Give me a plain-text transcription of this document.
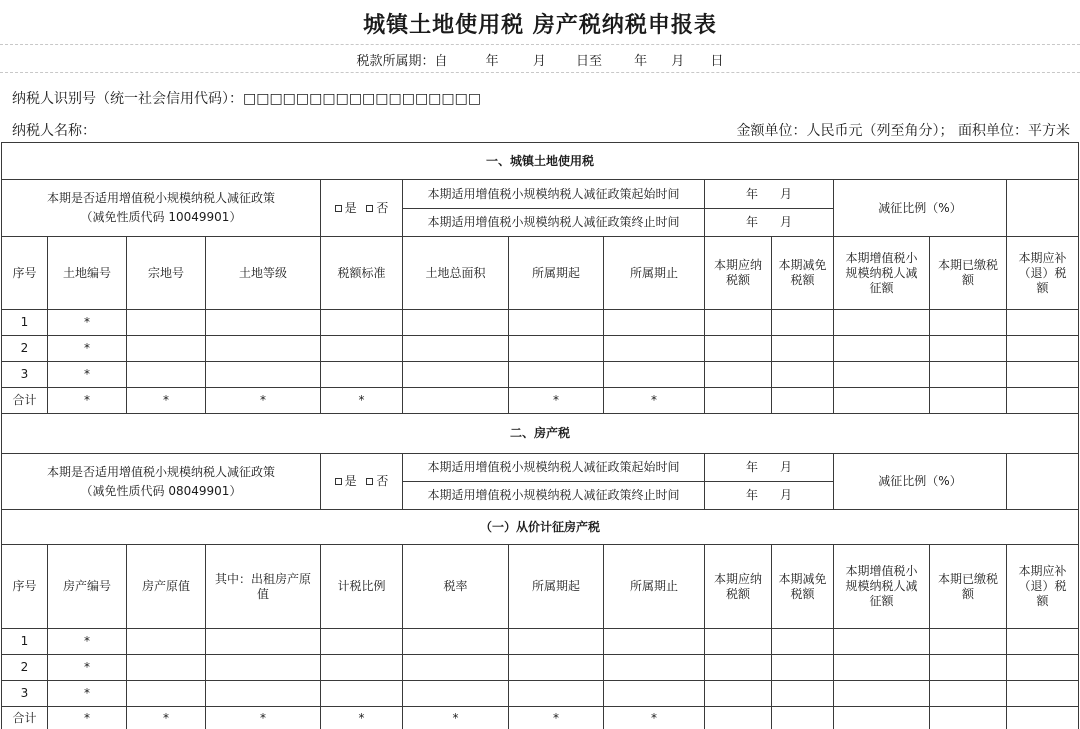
城镇土地使用税 房产税纳税申报表
税款所属期：自	年	月 日至 年 月 日
纳税人识别号（统一社会信用代码）：□□□□□□□□□□□□□□□□□□
纳税人名称：	金额单位：人民币元（列至角分）； 面积单位：平方米
一、城镇土地使用税												

本期是否适用增值税小规模纳税人减征政策
（减免性质代码 10049901）				是 否	本期适用增值税小规模纳税人减征政策起始时间			年 月		减征比例（%）		
					本期适用增值税小规模纳税人减征政策终止时间			年 月				
序号	土地编号	宗地号	土地等级	税额标准	土地总面积	所属期起	所属期止	本期应纳税额	本期减免税额	本期增值税小规模纳税人减征额	本期已缴税额	本期应补（退）税额
1	*											
2	*											
3	*											
合计	*	*	*	*		*	*					
二、房产税												

本期是否适用增值税小规模纳税人减征政策
（减免性质代码 08049901）				是 否	本期适用增值税小规模纳税人减征政策起始时间			年 月		减征比例（%）		
					本期适用增值税小规模纳税人减征政策终止时间			年 月				
（一）从价计征房产税												
序号	房产编号	房产原值	其中：出租房产原值	计税比例	税率	所属期起	所属期止	本期应纳税额	本期减免税额	本期增值税小规模纳税人减征额	本期已缴税额	本期应补（退）税额
1	*											
2	*											
3	*											
合计	*	*	*	*	*	*	*					
